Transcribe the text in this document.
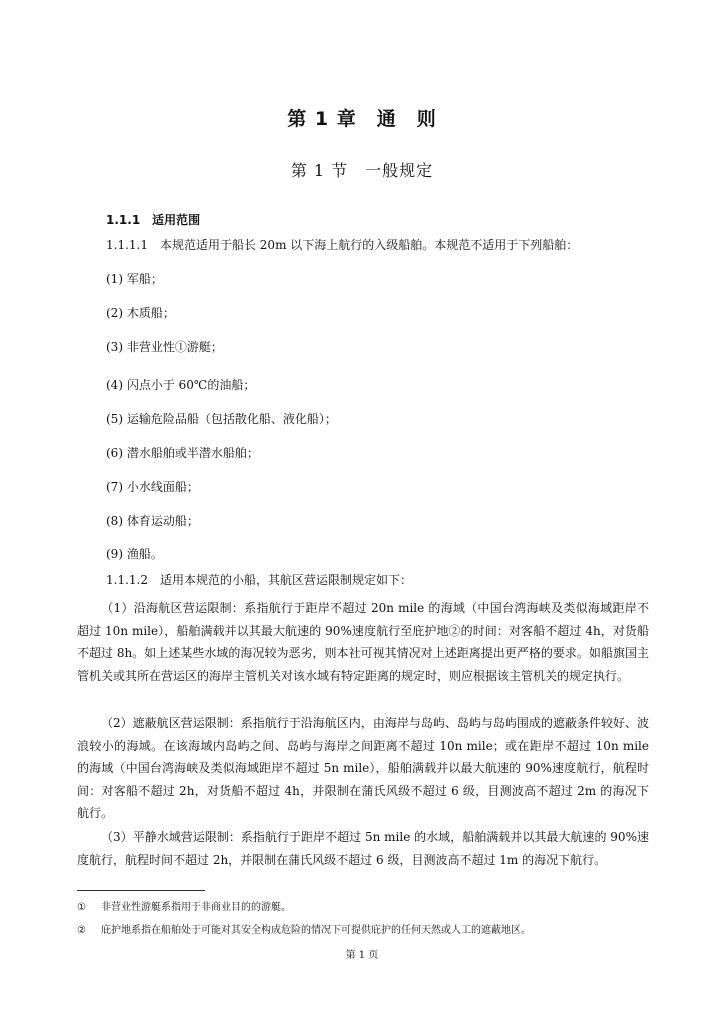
第 1 章　通　则
第 1 节　一般规定
1.1.1　适用范围
1.1.1.1　本规范适用于船长 20m 以下海上航行的入级船舶。本规范不适用于下列船舶：
(1) 军船；
(2) 木质船；
(3) 非营业性①游艇；
(4) 闪点小于 60℃的油船；
(5) 运输危险品船（包括散化船、液化船）；
(6) 潜水船舶或半潜水船舶；
(7) 小水线面船；
(8) 体育运动船；
(9) 渔船。
1.1.1.2　适用本规范的小船，其航区营运限制规定如下：
（1）沿海航区营运限制：系指航行于距岸不超过 20n mile 的海域（中国台湾海峡及类似海域距岸不超过 10n mile），船舶满载并以其最大航速的 90%速度航行至庇护地②的时间：对客船不超过 4h，对货船不超过 8h。如上述某些水域的海况较为恶劣，则本社可视其情况对上述距离提出更严格的要求。如船旗国主管机关或其所在营运区的海岸主管机关对该水域有特定距离的规定时，则应根据该主管机关的规定执行。
（2）遮蔽航区营运限制：系指航行于沿海航区内，由海岸与岛屿、岛屿与岛屿围成的遮蔽条件较好、波浪较小的海域。在该海域内岛屿之间、岛屿与海岸之间距离不超过 10n mile；或在距岸不超过 10n mile 的海域（中国台湾海峡及类似海域距岸不超过 5n mile），船舶满载并以最大航速的 90%速度航行，航程时间：对客船不超过 2h，对货船不超过 4h，并限制在蒲氏风级不超过 6 级，目测波高不超过 2m 的海况下航行。
（3）平静水域营运限制：系指航行于距岸不超过 5n mile 的水域，船舶满载并以其最大航速的 90%速度航行，航程时间不超过 2h，并限制在蒲氏风级不超过 6 级，目测波高不超过 1m 的海况下航行。
① 非营业性游艇系指用于非商业目的的游艇。
② 庇护地系指在船舶处于可能对其安全构成危险的情况下可提供庇护的任何天然或人工的遮蔽地区。
第 1 页
